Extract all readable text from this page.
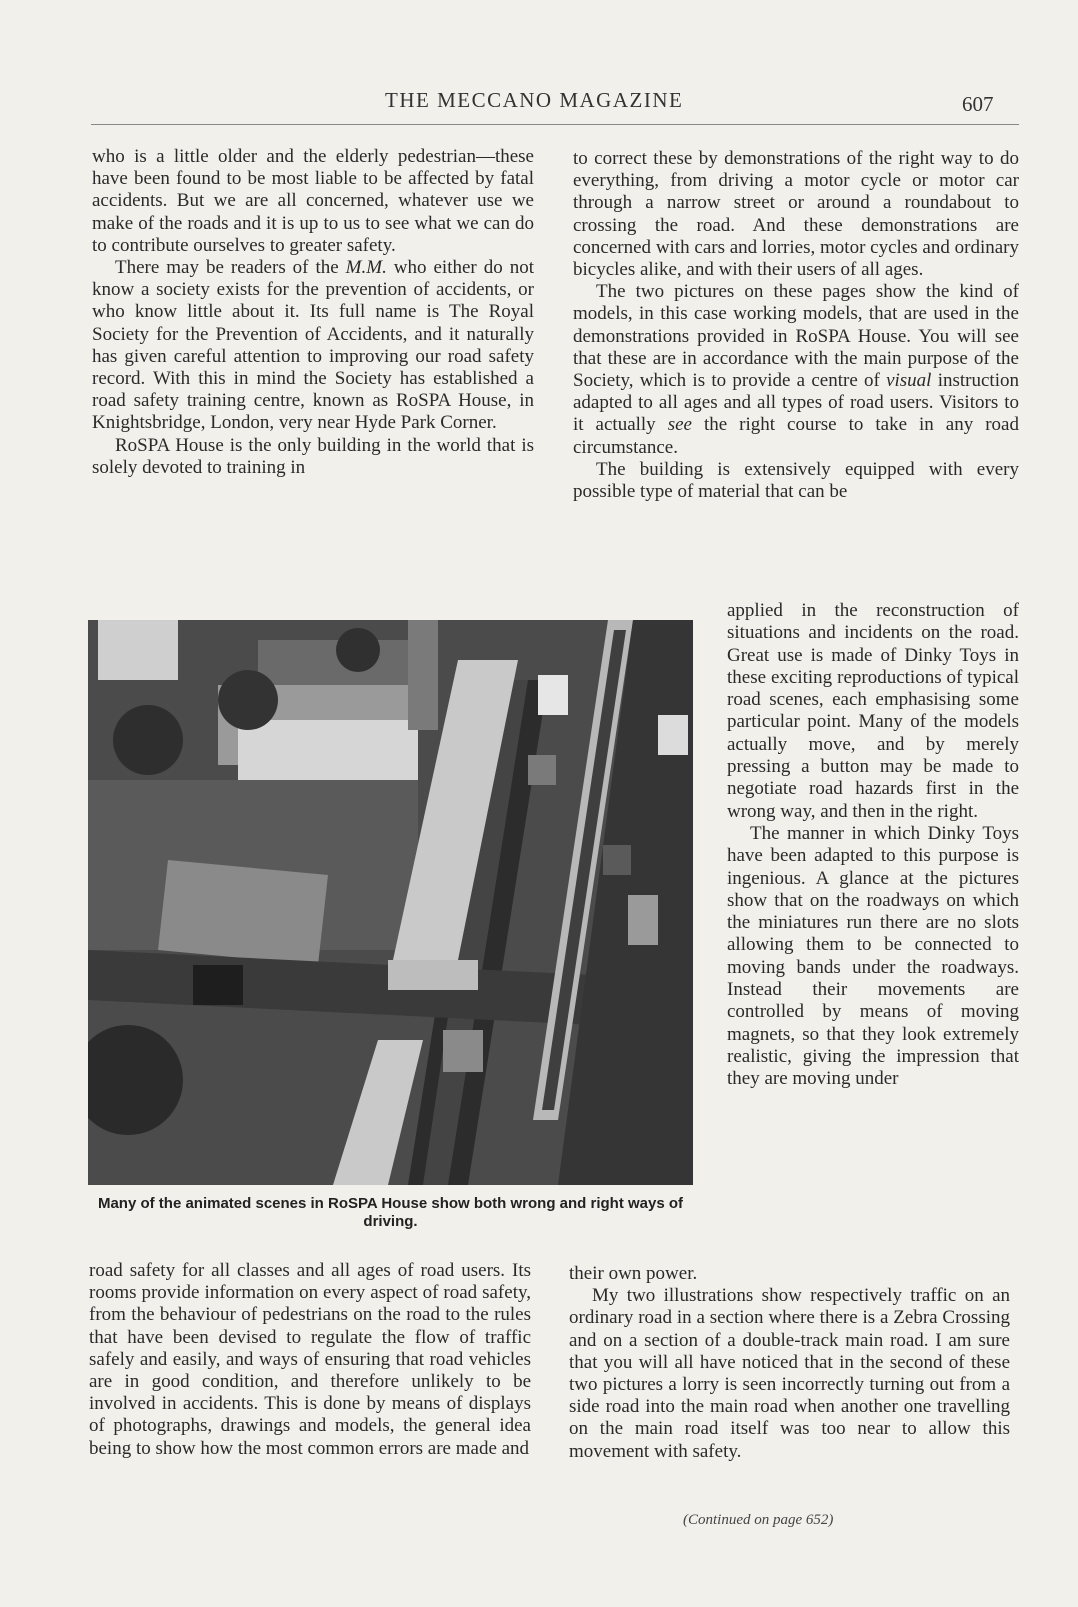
THE MECCANO MAGAZINE	607

who is a little older and the elderly pedestrian—these have been found to be most liable to be affected by fatal accidents. But we are all concerned, whatever use we make of the roads and it is up to us to see what we can do to contribute ourselves to greater safety.

There may be readers of the M.M. who either do not know a society exists for the prevention of accidents, or who know little about it. Its full name is The Royal Society for the Prevention of Accidents, and it naturally has given careful attention to improving our road safety record. With this in mind the Society has established a road safety training centre, known as RoSPA House, in Knightsbridge, London, very near Hyde Park Corner.

RoSPA House is the only building in the world that is solely devoted to training in

to correct these by demonstrations of the right way to do everything, from driving a motor cycle or motor car through a narrow street or around a roundabout to crossing the road. And these demonstrations are concerned with cars and lorries, motor cycles and ordinary bicycles alike, and with their users of all ages.

The two pictures on these pages show the kind of models, in this case working models, that are used in the demonstrations provided in RoSPA House. You will see that these are in accordance with the main purpose of the Society, which is to provide a centre of visual instruction adapted to all ages and all types of road users. Visitors to it actually see the right course to take in any road circumstance.

The building is extensively equipped with every possible type of material that can be

Many of the animated scenes in RoSPA House show both wrong and right ways of driving.

applied in the reconstruction of situations and incidents on the road. Great use is made of Dinky Toys in these exciting reproductions of typical road scenes, each emphasising some particular point. Many of the models actually move, and by merely pressing a button may be made to negotiate road hazards first in the wrong way, and then in the right.

The manner in which Dinky Toys have been adapted to this purpose is ingenious. A glance at the pictures show that on the roadways on which the miniatures run there are no slots allowing them to be connected to moving bands under the roadways. Instead their movements are controlled by means of moving magnets, so that they look extremely realistic, giving the impression that they are moving under

road safety for all classes and all ages of road users. Its rooms provide information on every aspect of road safety, from the behaviour of pedestrians on the road to the rules that have been devised to regulate the flow of traffic safely and easily, and ways of ensuring that road vehicles are in good condition, and therefore unlikely to be involved in accidents. This is done by means of displays of photographs, drawings and models, the general idea being to show how the most common errors are made and

their own power.

My two illustrations show respectively traffic on an ordinary road in a section where there is a Zebra Crossing and on a section of a double-track main road. I am sure that you will all have noticed that in the second of these two pictures a lorry is seen incorrectly turning out from a side road into the main road when another one travelling on the main road itself was too near to allow this movement with safety.

(Continued on page 652)
